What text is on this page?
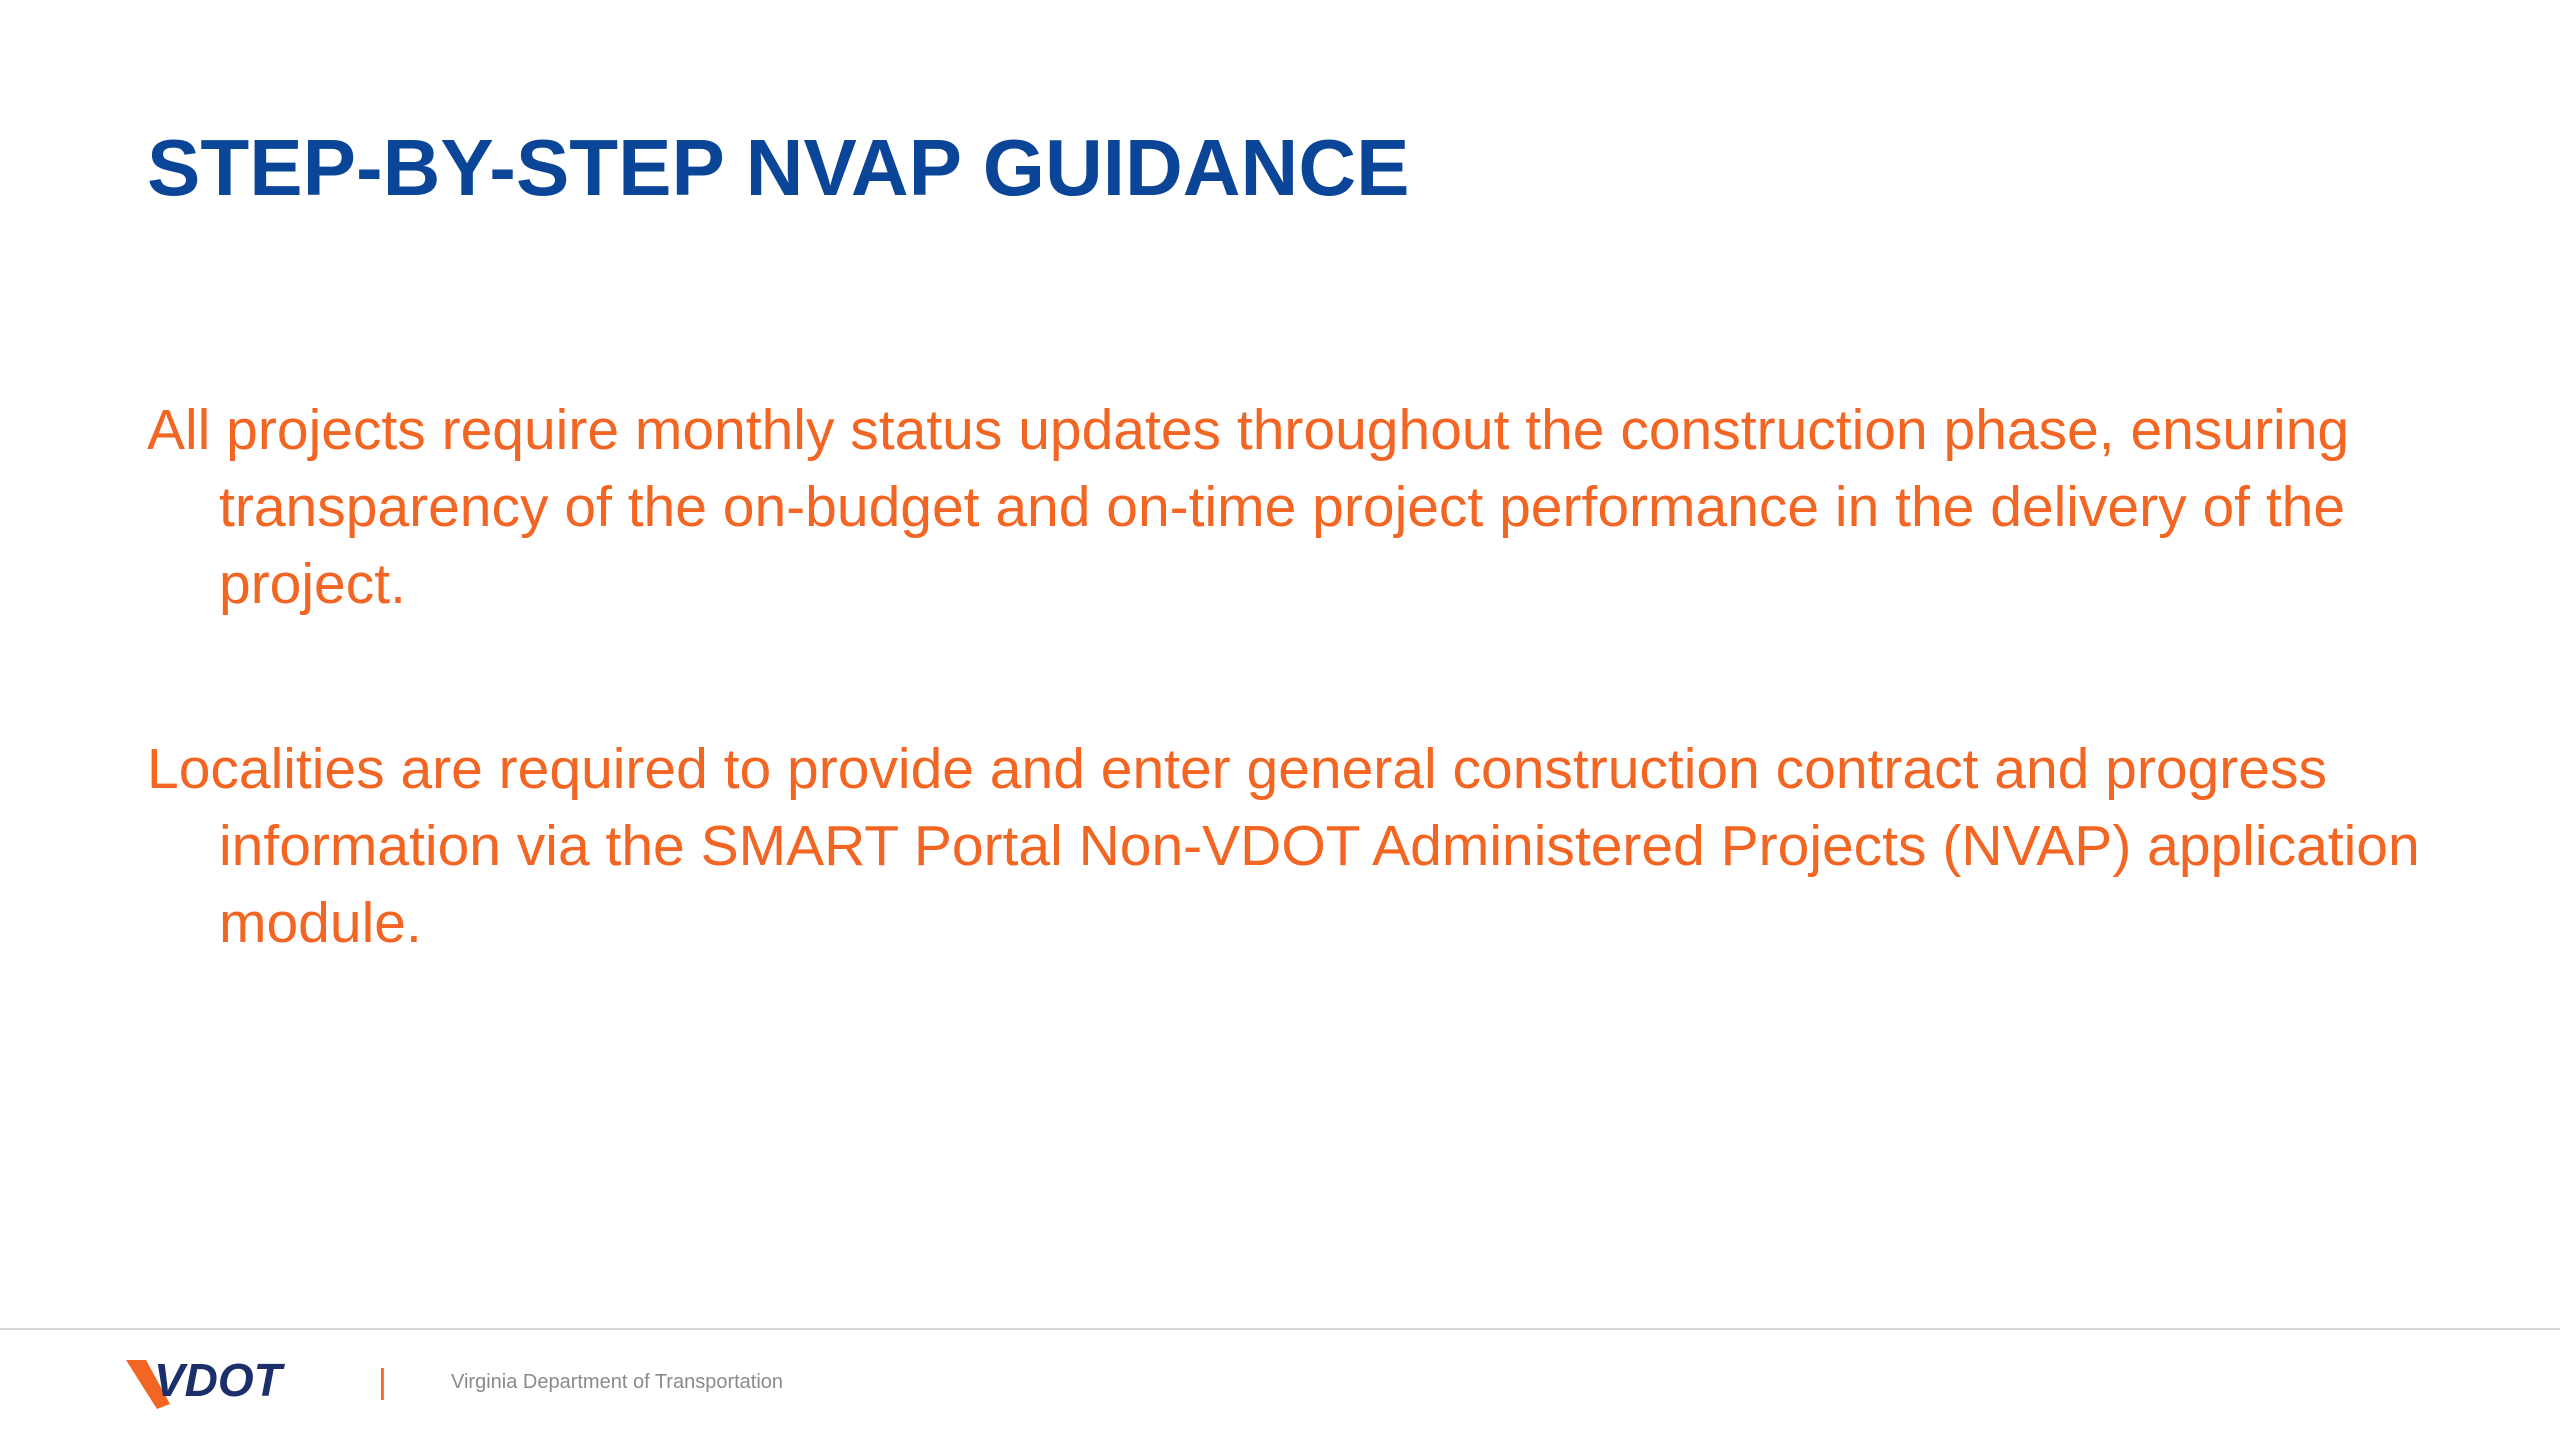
STEP-BY-STEP NVAP GUIDANCE

All projects require monthly status updates throughout the construction phase, ensuring transparency of the on-budget and on-time project performance in the delivery of the project.

Localities are required to provide and enter general construction contract and progress information via the SMART Portal Non-VDOT Administered Projects (NVAP) application module.

VDOT	|	Virginia Department of Transportation
